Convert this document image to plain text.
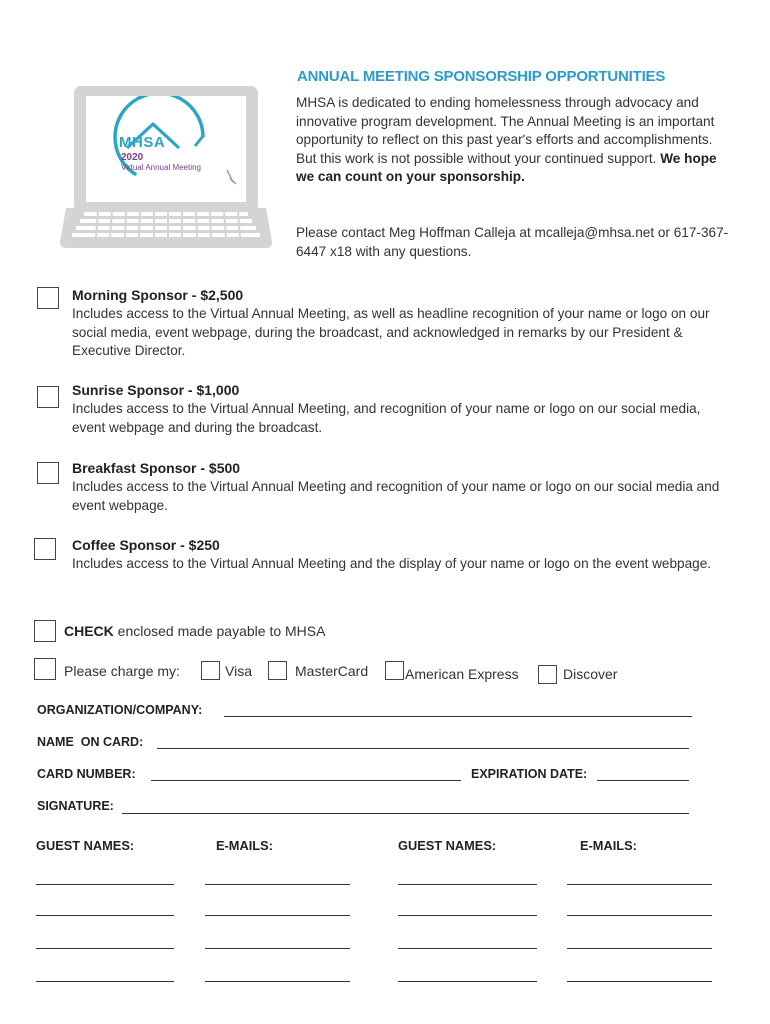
MHSA
2020
Virtual Annual Meeting
ANNUAL MEETING SPONSORSHIP OPPORTUNITIES
MHSA is dedicated to ending homelessness through advocacy and innovative program development. The Annual Meeting is an important opportunity to reflect on this past year's efforts and accomplishments. But this work is not possible without your continued support. We hope we can count on your sponsorship.
Please contact Meg Hoffman Calleja at mcalleja@mhsa.net or 617-367-6447 x18 with any questions.
Morning Sponsor - $2,500
Includes access to the Virtual Annual Meeting, as well as headline recognition of your name or logo on our social media, event webpage, during the broadcast, and acknowledged in remarks by our President & Executive Director.
Sunrise Sponsor - $1,000
Includes access to the Virtual Annual Meeting, and recognition of your name or logo on our social media, event webpage and during the broadcast.
Breakfast Sponsor - $500
Includes access to the Virtual Annual Meeting and recognition of your name or logo on our social media and event webpage.
Coffee Sponsor - $250
Includes access to the Virtual Annual Meeting and the display of your name or logo on the event webpage.
CHECK enclosed made payable to MHSA
Please charge my:	Visa	MasterCard	American Express	Discover
ORGANIZATION/COMPANY:
NAME  ON CARD:
CARD NUMBER:	EXPIRATION DATE:
SIGNATURE:
GUEST NAMES:	E-MAILS:	GUEST NAMES:	E-MAILS:
